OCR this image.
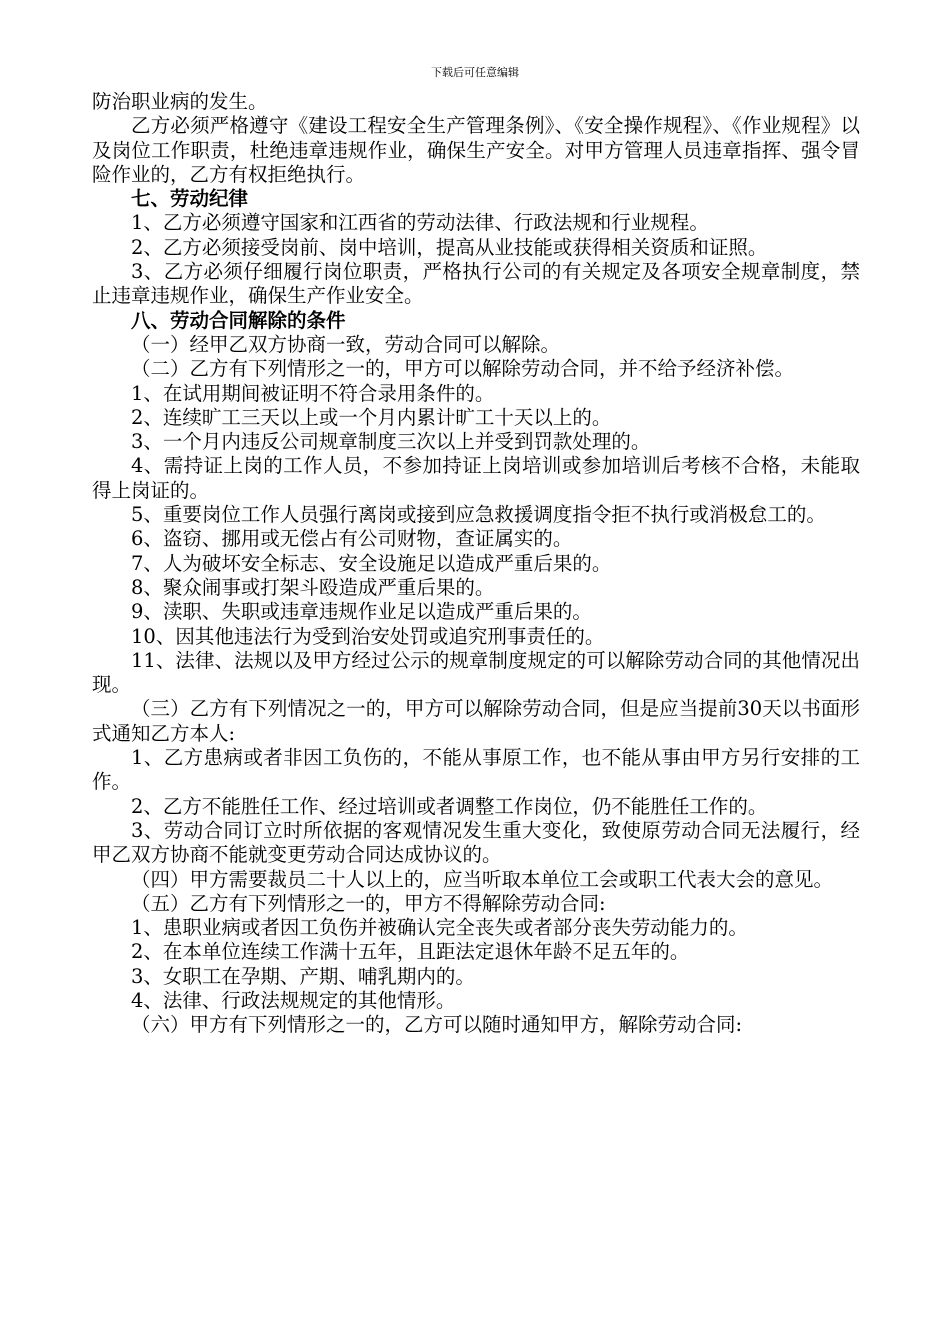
下载后可任意编辑
防治职业病的发生。
乙方必须严格遵守《建设工程安全生产管理条例》、《安全操作规程》、《作业规程》以及岗位工作职责，杜绝违章违规作业，确保生产安全。对甲方管理人员违章指挥、强令冒险作业的，乙方有权拒绝执行。
七、劳动纪律
1、乙方必须遵守国家和江西省的劳动法律、行政法规和行业规程。
2、乙方必须接受岗前、岗中培训，提高从业技能或获得相关资质和证照。
3、乙方必须仔细履行岗位职责，严格执行公司的有关规定及各项安全规章制度，禁止违章违规作业，确保生产作业安全。
八、劳动合同解除的条件
（一）经甲乙双方协商一致，劳动合同可以解除。
（二）乙方有下列情形之一的，甲方可以解除劳动合同，并不给予经济补偿。
1、在试用期间被证明不符合录用条件的。
2、连续旷工三天以上或一个月内累计旷工十天以上的。
3、一个月内违反公司规章制度三次以上并受到罚款处理的。
4、需持证上岗的工作人员，不参加持证上岗培训或参加培训后考核不合格，未能取得上岗证的。
5、重要岗位工作人员强行离岗或接到应急救援调度指令拒不执行或消极怠工的。
6、盗窃、挪用或无偿占有公司财物，查证属实的。
7、人为破坏安全标志、安全设施足以造成严重后果的。
8、聚众闹事或打架斗殴造成严重后果的。
9、渎职、失职或违章违规作业足以造成严重后果的。
10、因其他违法行为受到治安处罚或追究刑事责任的。
11、法律、法规以及甲方经过公示的规章制度规定的可以解除劳动合同的其他情况出现。
（三）乙方有下列情况之一的，甲方可以解除劳动合同，但是应当提前30天以书面形式通知乙方本人:
1、乙方患病或者非因工负伤的，不能从事原工作，也不能从事由甲方另行安排的工作。
2、乙方不能胜任工作、经过培训或者调整工作岗位，仍不能胜任工作的。
3、劳动合同订立时所依据的客观情况发生重大变化，致使原劳动合同无法履行，经甲乙双方协商不能就变更劳动合同达成协议的。
（四）甲方需要裁员二十人以上的，应当听取本单位工会或职工代表大会的意见。
（五）乙方有下列情形之一的，甲方不得解除劳动合同:
1、患职业病或者因工负伤并被确认完全丧失或者部分丧失劳动能力的。
2、在本单位连续工作满十五年，且距法定退休年龄不足五年的。
3、女职工在孕期、产期、哺乳期内的。
4、法律、行政法规规定的其他情形。
（六）甲方有下列情形之一的，乙方可以随时通知甲方，解除劳动合同:
